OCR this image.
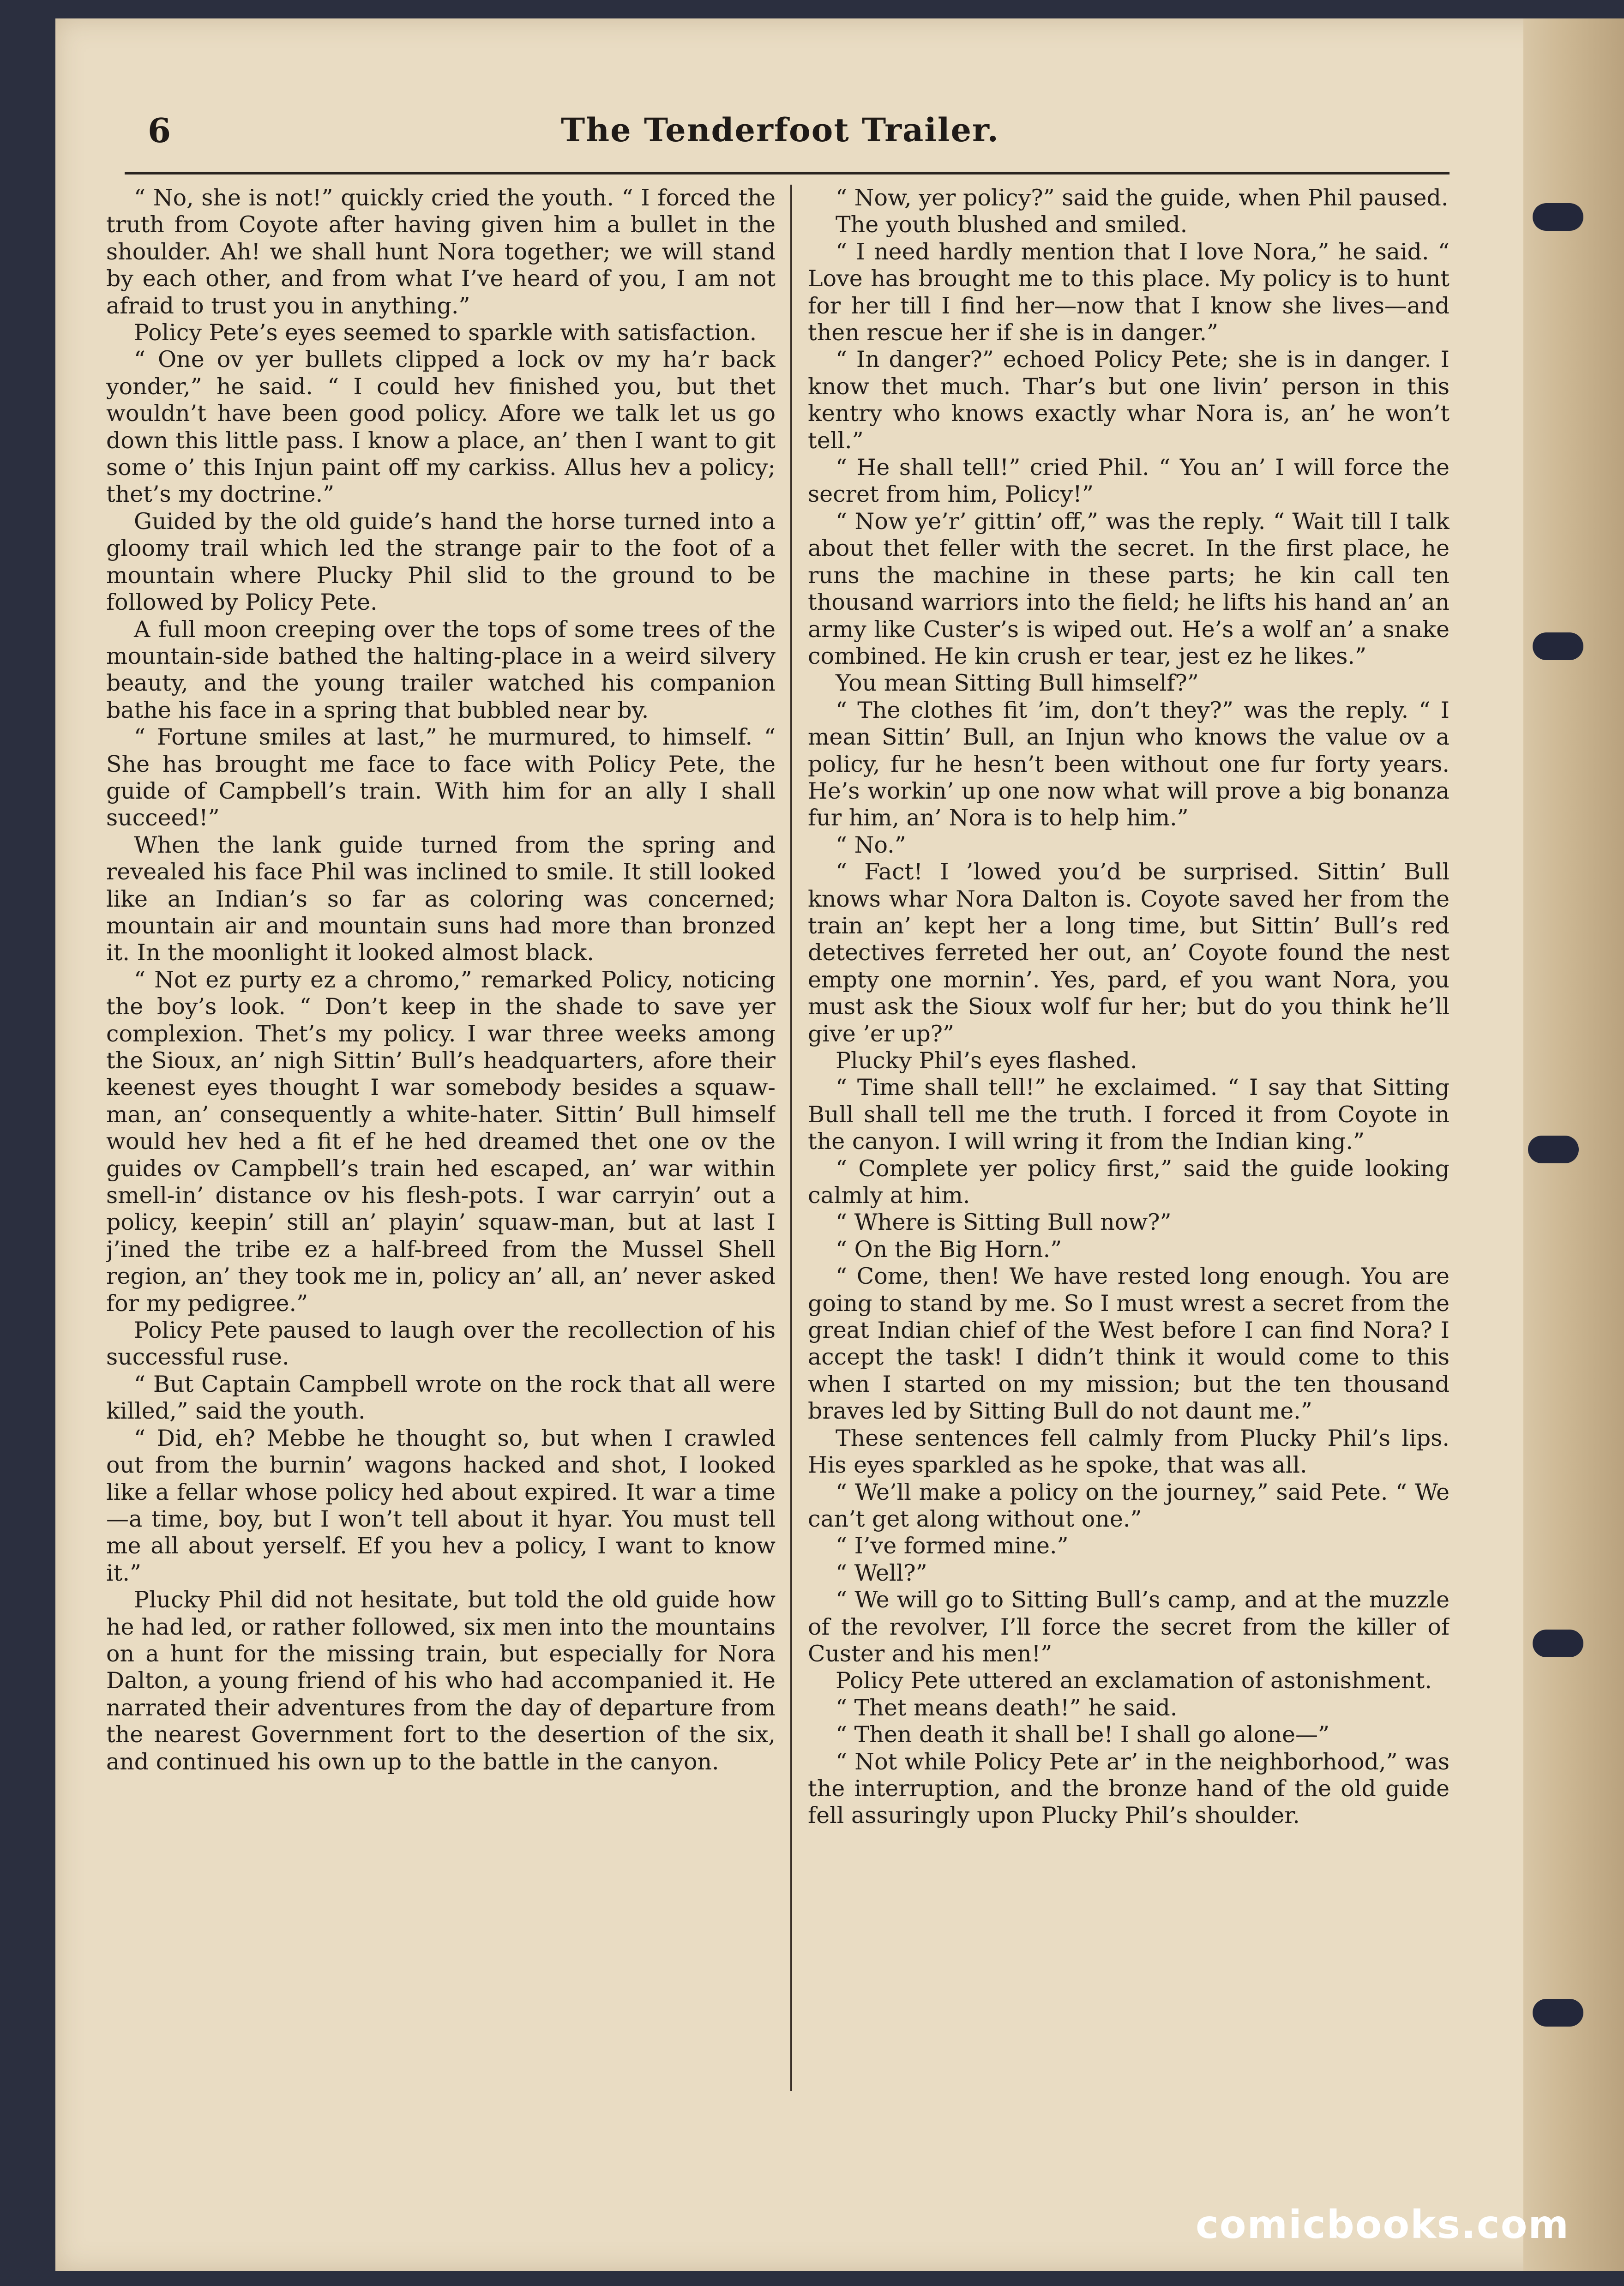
6	The Tenderfoot Trailer.

“ No, she is not!” quickly cried the youth. “ I forced the truth from Coyote after having given him a bullet in the shoulder. Ah! we shall hunt Nora together; we will stand by each other, and from what I’ve heard of you, I am not afraid to trust you in anything.”

Policy Pete’s eyes seemed to sparkle with satisfaction.

“ One ov yer bullets clipped a lock ov my ha’r back yonder,” he said. “ I could hev finished you, but thet wouldn’t have been good policy. Afore we talk let us go down this little pass. I know a place, an’ then I want to git some o’ this Injun paint off my carkiss. Allus hev a policy; thet’s my doctrine.”

Guided by the old guide’s hand the horse turned into a gloomy trail which led the strange pair to the foot of a mountain where Plucky Phil slid to the ground to be followed by Policy Pete.

A full moon creeping over the tops of some trees of the mountain-side bathed the halting-place in a weird silvery beauty, and the young trailer watched his companion bathe his face in a spring that bubbled near by.

“ Fortune smiles at last,” he murmured, to himself. “ She has brought me face to face with Policy Pete, the guide of Campbell’s train. With him for an ally I shall succeed!”

When the lank guide turned from the spring and revealed his face Phil was inclined to smile. It still looked like an Indian’s so far as coloring was concerned; mountain air and mountain suns had more than bronzed it. In the moonlight it looked almost black.

“ Not ez purty ez a chromo,” remarked Policy, noticing the boy’s look. “ Don’t keep in the shade to save yer complexion. Thet’s my policy. I war three weeks among the Sioux, an’ nigh Sittin’ Bull’s headquarters, afore their keenest eyes thought I war somebody besides a squaw-man, an’ consequently a white-hater. Sittin’ Bull himself would hev hed a fit ef he hed dreamed thet one ov the guides ov Campbell’s train hed escaped, an’ war within smell-in’ distance ov his flesh-pots. I war carryin’ out a policy, keepin’ still an’ playin’ squaw-man, but at last I j’ined the tribe ez a half-breed from the Mussel Shell region, an’ they took me in, policy an’ all, an’ never asked for my pedigree.”

Policy Pete paused to laugh over the recollection of his successful ruse.

“ But Captain Campbell wrote on the rock that all were killed,” said the youth.

“ Did, eh? Mebbe he thought so, but when I crawled out from the burnin’ wagons hacked and shot, I looked like a fellar whose policy hed about expired. It war a time—a time, boy, but I won’t tell about it hyar. You must tell me all about yerself. Ef you hev a policy, I want to know it.”

Plucky Phil did not hesitate, but told the old guide how he had led, or rather followed, six men into the mountains on a hunt for the missing train, but especially for Nora Dalton, a young friend of his who had accompanied it. He narrated their adventures from the day of departure from the nearest Government fort to the desertion of the six, and continued his own up to the battle in the canyon.

“ Now, yer policy?” said the guide, when Phil paused.

The youth blushed and smiled.

“ I need hardly mention that I love Nora,” he said. “ Love has brought me to this place. My policy is to hunt for her till I find her—now that I know she lives—and then rescue her if she is in danger.”

“ In danger?” echoed Policy Pete; she is in danger. I know thet much. Thar’s but one livin’ person in this kentry who knows exactly whar Nora is, an’ he won’t tell.”

“ He shall tell!” cried Phil. “ You an’ I will force the secret from him, Policy!”

“ Now ye’r’ gittin’ off,” was the reply. “ Wait till I talk about thet feller with the secret. In the first place, he runs the machine in these parts; he kin call ten thousand warriors into the field; he lifts his hand an’ an army like Custer’s is wiped out. He’s a wolf an’ a snake combined. He kin crush er tear, jest ez he likes.”

You mean Sitting Bull himself?”

“ The clothes fit ’im, don’t they?” was the reply. “ I mean Sittin’ Bull, an Injun who knows the value ov a policy, fur he hesn’t been without one fur forty years. He’s workin’ up one now what will prove a big bonanza fur him, an’ Nora is to help him.”

“ No.”

“ Fact! I ’lowed you’d be surprised. Sittin’ Bull knows whar Nora Dalton is. Coyote saved her from the train an’ kept her a long time, but Sittin’ Bull’s red detectives ferreted her out, an’ Coyote found the nest empty one mornin’. Yes, pard, ef you want Nora, you must ask the Sioux wolf fur her; but do you think he’ll give ’er up?”

Plucky Phil’s eyes flashed.

“ Time shall tell!” he exclaimed. “ I say that Sitting Bull shall tell me the truth. I forced it from Coyote in the canyon. I will wring it from the Indian king.”

“ Complete yer policy first,” said the guide looking calmly at him.

“ Where is Sitting Bull now?”

“ On the Big Horn.”

“ Come, then! We have rested long enough. You are going to stand by me. So I must wrest a secret from the great Indian chief of the West before I can find Nora? I accept the task! I didn’t think it would come to this when I started on my mission; but the ten thousand braves led by Sitting Bull do not daunt me.”

These sentences fell calmly from Plucky Phil’s lips. His eyes sparkled as he spoke, that was all.

“ We’ll make a policy on the journey,” said Pete. “ We can’t get along without one.”

“ I’ve formed mine.”

“ Well?”

“ We will go to Sitting Bull’s camp, and at the muzzle of the revolver, I’ll force the secret from the killer of Custer and his men!”

Policy Pete uttered an exclamation of astonishment.

“ Thet means death!” he said.

“ Then death it shall be! I shall go alone—”

“ Not while Policy Pete ar’ in the neighborhood,” was the interruption, and the bronze hand of the old guide fell assuringly upon Plucky Phil’s shoulder.

comicbooks.com
